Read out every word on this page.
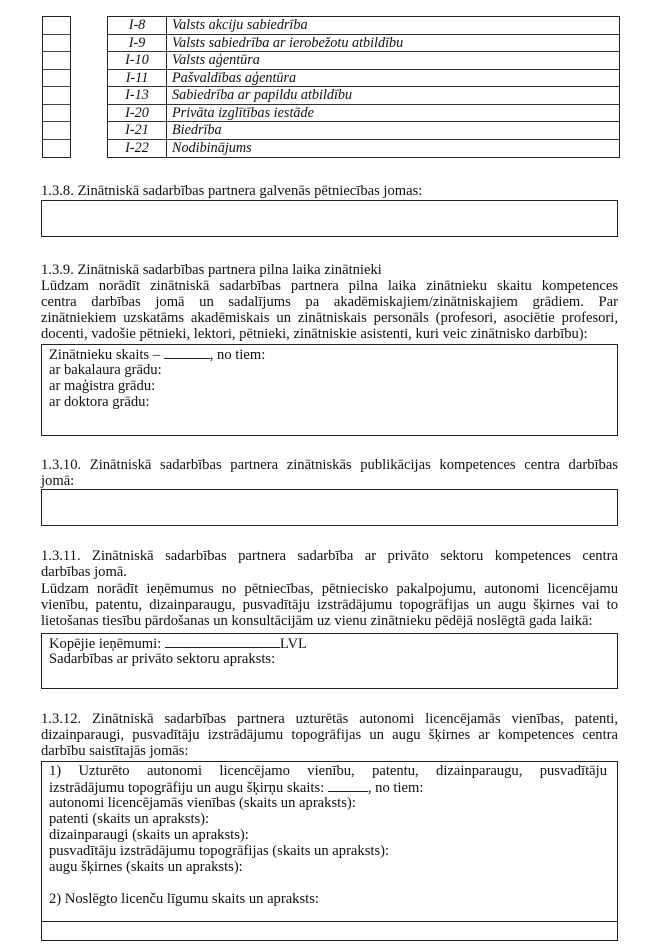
I-8	Valsts akciju sabiedrība
I-9	Valsts sabiedrība ar ierobežotu atbildību
I-10	Valsts aģentūra
I-11	Pašvaldības aģentūra
I-13	Sabiedrība ar papildu atbildību
I-20	Privāta izglītības iestāde
I-21	Biedrība
I-22	Nodibinājums
1.3.8. Zinātniskā sadarbības partnera galvenās pētniecības jomas:
1.3.9. Zinātniskā sadarbības partnera pilna laika zinātnieki
Lūdzam norādīt zinātniskā sadarbības partnera pilna laika zinātnieku skaitu kompetences
centra darbības jomā un sadalījums pa akadēmiskajiem/zinātniskajiem grādiem. Par
zinātniekiem uzskatāms akadēmiskais un zinātniskais personāls (profesori, asociētie profesori,
docenti, vadošie pētnieki, lektori, pētnieki, zinātniskie asistenti, kuri veic zinātnisko darbību):
Zinātnieku skaits –	, no tiem:
ar bakalaura grādu:
ar maģistra grādu:
ar doktora grādu:
1.3.10. Zinātniskā sadarbības partnera zinātniskās publikācijas kompetences centra darbības
jomā:
1.3.11. Zinātniskā sadarbības partnera sadarbība ar privāto sektoru kompetences centra
darbības jomā.
Lūdzam norādīt ieņēmumus no pētniecības, pētniecisko pakalpojumu, autonomi licencējamu
vienību, patentu, dizainparaugu, pusvadītāju izstrādājumu topogrāfijas un augu šķirnes vai to
lietošanas tiesību pārdošanas un konsultācijām uz vienu zinātnieku pēdējā noslēgtā gada laikā:
Kopējie ieņēmumi:	LVL
Sadarbības ar privāto sektoru apraksts:
1.3.12. Zinātniskā sadarbības partnera uzturētās autonomi licencējamās vienības, patenti,
dizainparaugi, pusvadītāju izstrādājumu topogrāfijas un augu šķirnes ar kompetences centra
darbību saistītajās jomās:
1) Uzturēto autonomi licencējamo vienību, patentu, dizainparaugu, pusvadītāju
izstrādājumu topogrāfiju un augu šķirņu skaits:	, no tiem:
autonomi licencējamās vienības (skaits un apraksts):
patenti (skaits un apraksts):
dizainparaugi (skaits un apraksts):
pusvadītāju izstrādājumu topogrāfijas (skaits un apraksts):
augu šķirnes (skaits un apraksts):
2) Noslēgto licenču līgumu skaits un apraksts:
